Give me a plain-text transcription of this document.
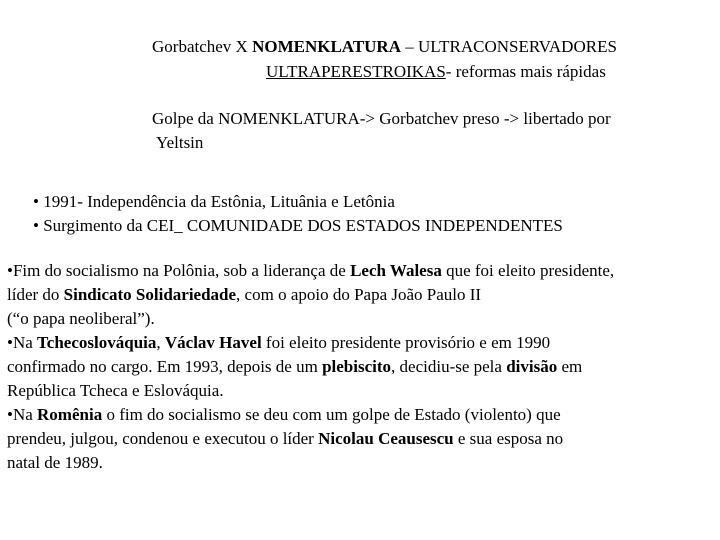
Gorbatchev X NOMENKLATURA – ULTRACONSERVADORES
ULTRAPERESTROIKAS- reformas mais rápidas
Golpe da NOMENKLATURA-> Gorbatchev preso -> libertado por
Yeltsin
• 1991- Independência da Estônia, Lituânia e Letônia
• Surgimento da CEI_ COMUNIDADE DOS ESTADOS INDEPENDENTES
•Fim do socialismo na Polônia, sob a liderança de Lech Walesa que foi eleito presidente,
líder do Sindicato Solidariedade, com o apoio do Papa João Paulo II
(“o papa neoliberal”).
•Na Tchecoslováquia, Václav Havel foi eleito presidente provisório e em 1990
confirmado no cargo. Em 1993, depois de um plebiscito, decidiu-se pela divisão em
República Tcheca e Eslováquia.
•Na Romênia o fim do socialismo se deu com um golpe de Estado (violento) que
prendeu, julgou, condenou e executou o líder Nicolau Ceausescu e sua esposa no
natal de 1989.
